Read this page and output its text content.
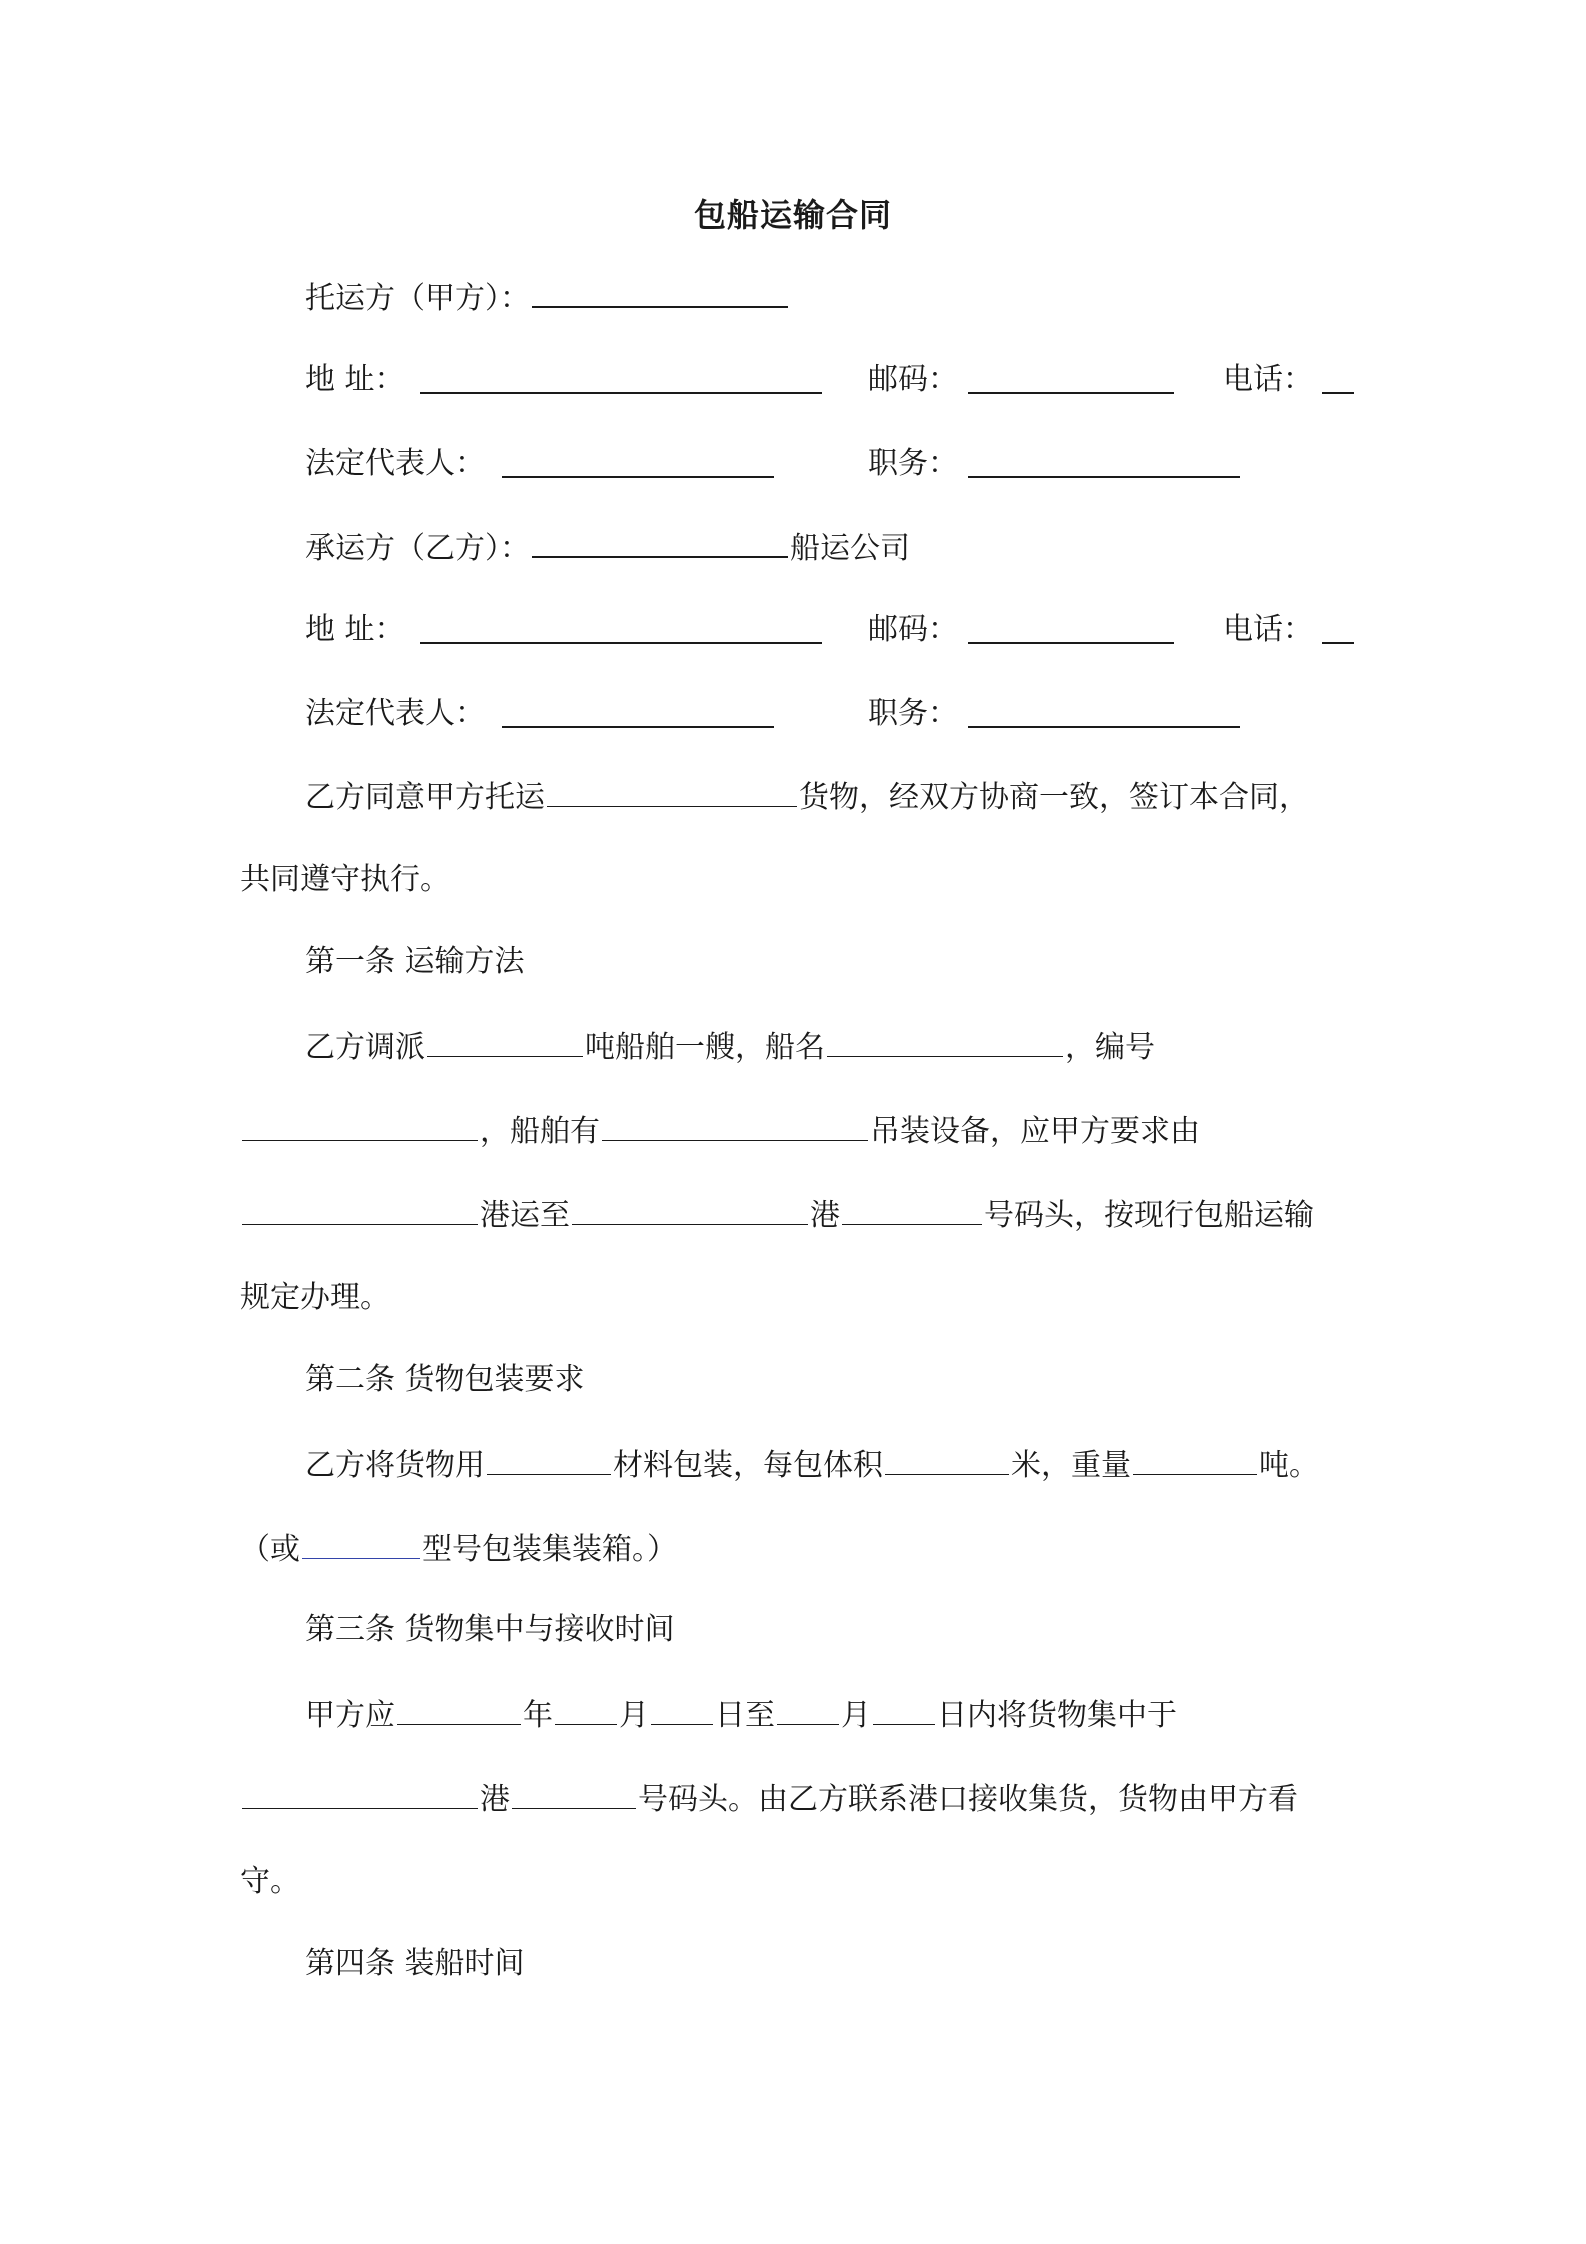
包船运输合同
托运方（甲方）：
地 址：	邮码：	电话：
法定代表人：	职务：
承运方（乙方）：	船运公司
地 址：	邮码：	电话：
法定代表人：	职务：
乙方同意甲方托运	货物，经双方协商一致，签订本合同，
共同遵守执行。
第一条 运输方法
乙方调派	吨船舶一艘，船名	，编号
，船舶有	吊装设备，应甲方要求由
港运至	港	号码头，按现行包船运输
规定办理。
第二条 货物包装要求
乙方将货物用	材料包装，每包体积	米，重量	吨。
（或	型号包装集装箱。）
第三条 货物集中与接收时间
甲方应	年 月 日至 月 日内将货物集中于
港	号码头。由乙方联系港口接收集货，货物由甲方看
守。
第四条 装船时间
